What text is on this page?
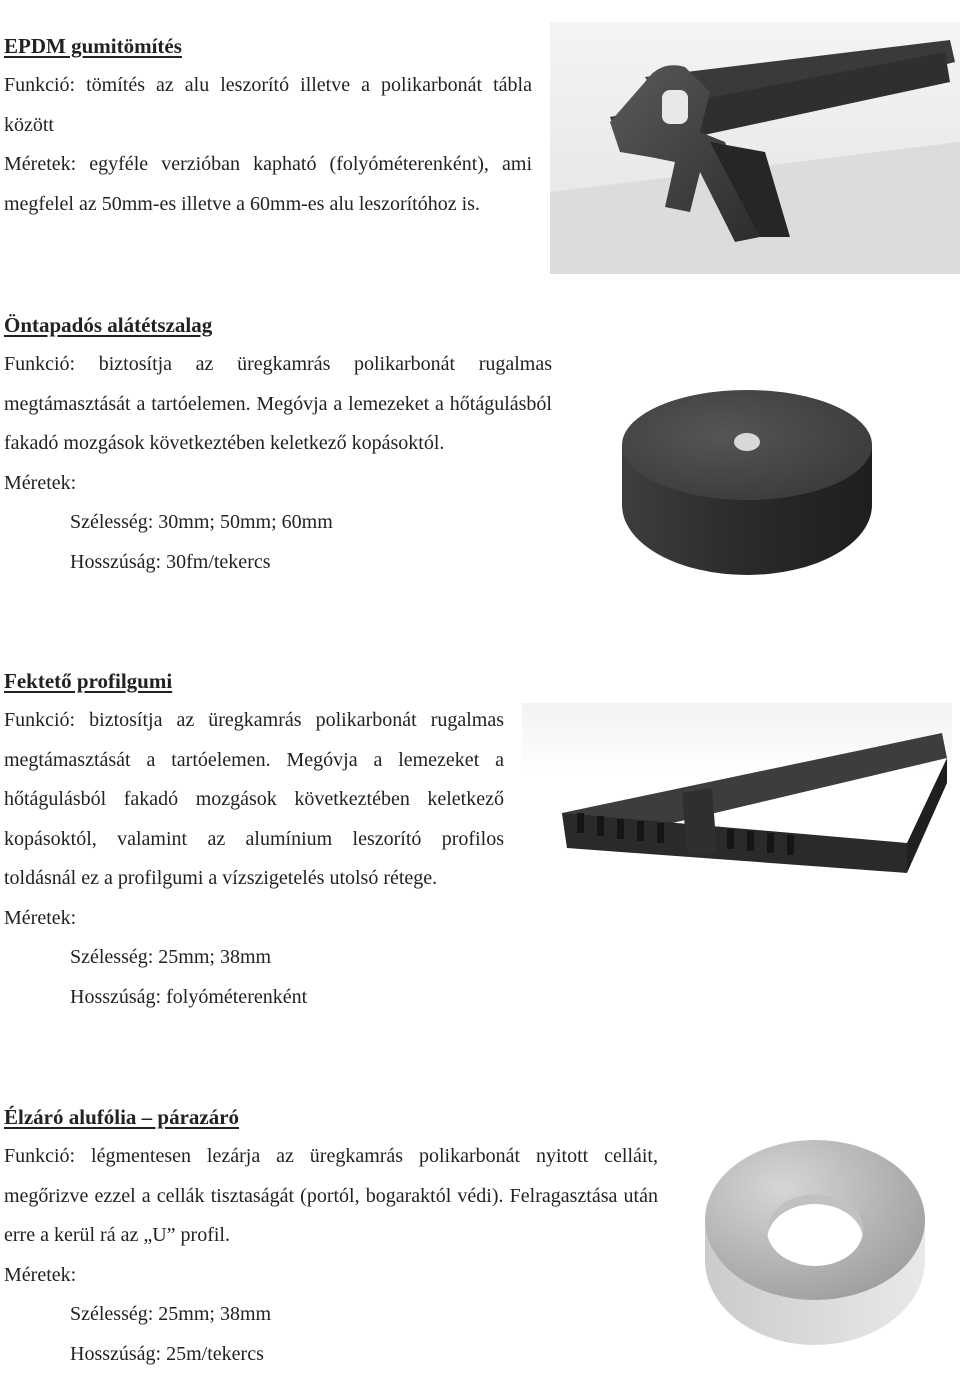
EPDM gumitömítés

Funkció: tömítés az alu leszorító illetve a polikarbonát tábla között

Méretek: egyféle verzióban kapható (folyóméterenként), ami megfelel az 50mm-es illetve a 60mm-es alu leszorítóhoz is.

Öntapadós alátétszalag

Funkció: biztosítja az üregkamrás polikarbonát rugalmas megtámasztását a tartóelemen. Megóvja a lemezeket a hőtágulásból fakadó mozgások következtében keletkező kopásoktól.

Méretek:

Szélesség: 30mm; 50mm; 60mm

Hosszúság: 30fm/tekercs

Fektető profilgumi

Funkció: biztosítja az üregkamrás polikarbonát rugalmas megtámasztását a tartóelemen. Megóvja a lemezeket a hőtágulásból fakadó mozgások következtében keletkező kopásoktól, valamint az alumínium leszorító profilos toldásnál ez a profilgumi a vízszigetelés utolsó rétege.

Méretek:

Szélesség: 25mm; 38mm

Hosszúság: folyóméterenként

Élzáró alufólia – párazáró

Funkció: légmentesen lezárja az üregkamrás polikarbonát nyitott celláit, megőrizve ezzel a cellák tisztaságát (portól, bogaraktól védi). Felragasztása után erre a kerül rá az „U” profil.

Méretek:

Szélesség: 25mm; 38mm

Hosszúság: 25m/tekercs
